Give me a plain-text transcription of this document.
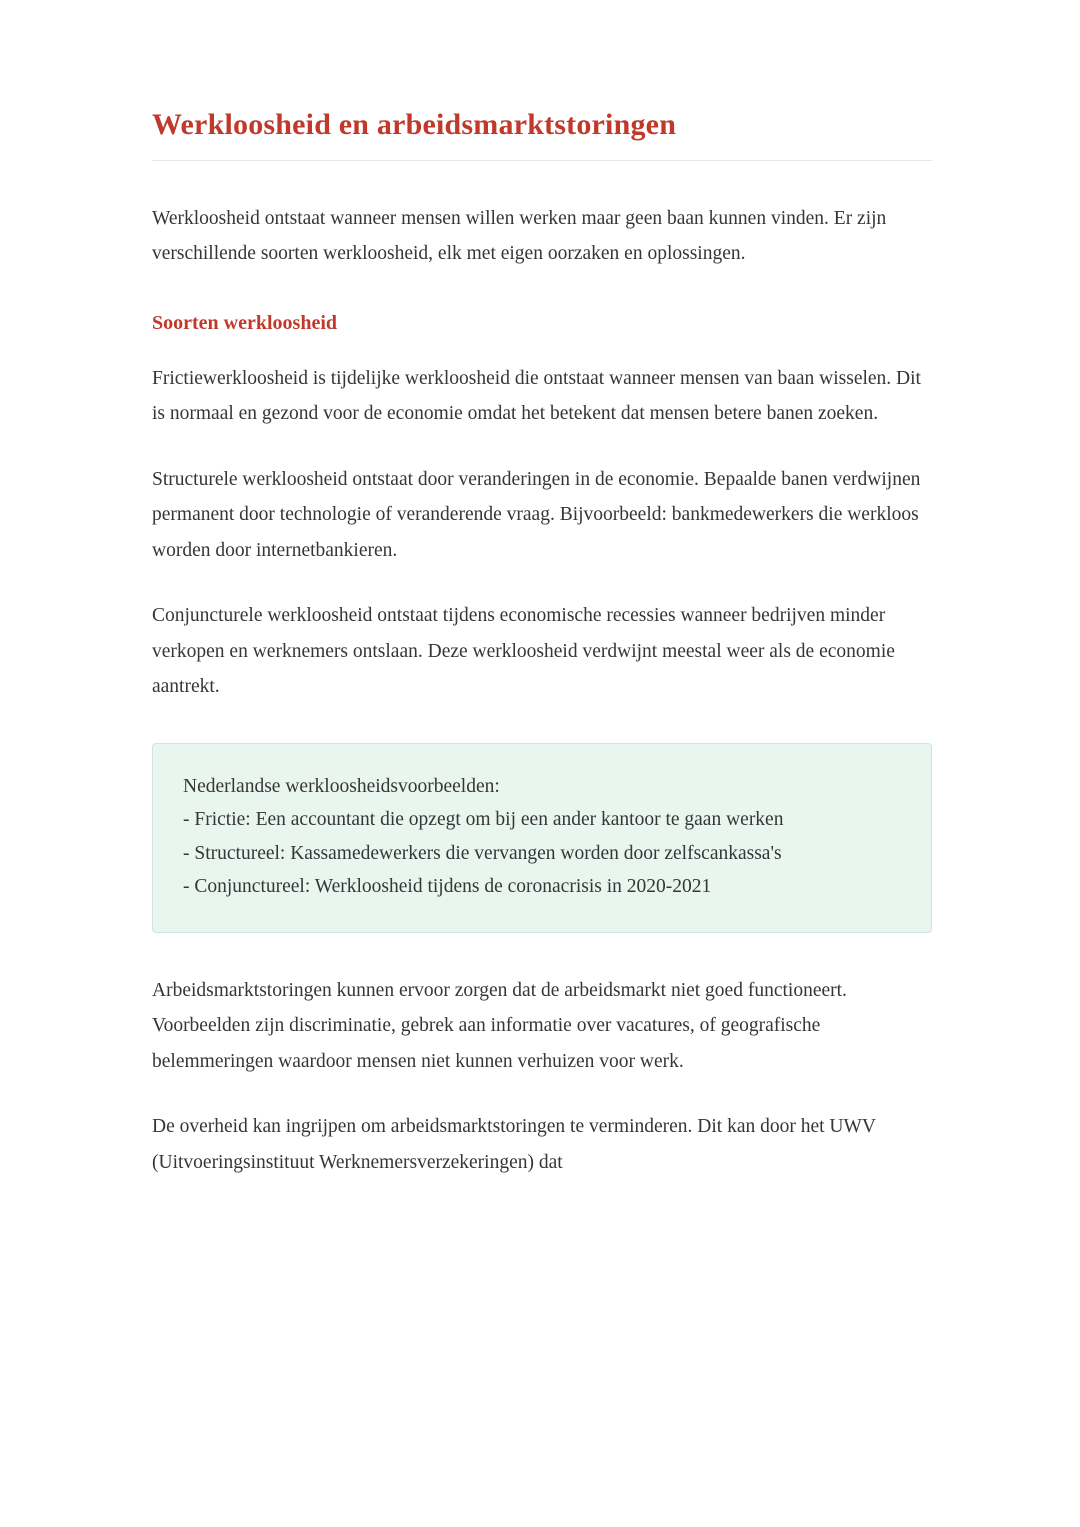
Werkloosheid en arbeidsmarktstoringen

Werkloosheid ontstaat wanneer mensen willen werken maar geen baan kunnen vinden. Er zijn verschillende soorten werkloosheid, elk met eigen oorzaken en oplossingen.

Soorten werkloosheid

Frictiewerkloosheid is tijdelijke werkloosheid die ontstaat wanneer mensen van baan wisselen. Dit is normaal en gezond voor de economie omdat het betekent dat mensen betere banen zoeken.

Structurele werkloosheid ontstaat door veranderingen in de economie. Bepaalde banen verdwijnen permanent door technologie of veranderende vraag. Bijvoorbeeld: bankmedewerkers die werkloos worden door internetbankieren.

Conjuncturele werkloosheid ontstaat tijdens economische recessies wanneer bedrijven minder verkopen en werknemers ontslaan. Deze werkloosheid verdwijnt meestal weer als de economie aantrekt.

Nederlandse werkloosheidsvoorbeelden:
- Frictie: Een accountant die opzegt om bij een ander kantoor te gaan werken
- Structureel: Kassamedewerkers die vervangen worden door zelfscankassa's
- Conjunctureel: Werkloosheid tijdens de coronacrisis in 2020-2021

Arbeidsmarktstoringen kunnen ervoor zorgen dat de arbeidsmarkt niet goed functioneert. Voorbeelden zijn discriminatie, gebrek aan informatie over vacatures, of geografische belemmeringen waardoor mensen niet kunnen verhuizen voor werk.

De overheid kan ingrijpen om arbeidsmarktstoringen te verminderen. Dit kan door het UWV (Uitvoeringsinstituut Werknemersverzekeringen) dat
